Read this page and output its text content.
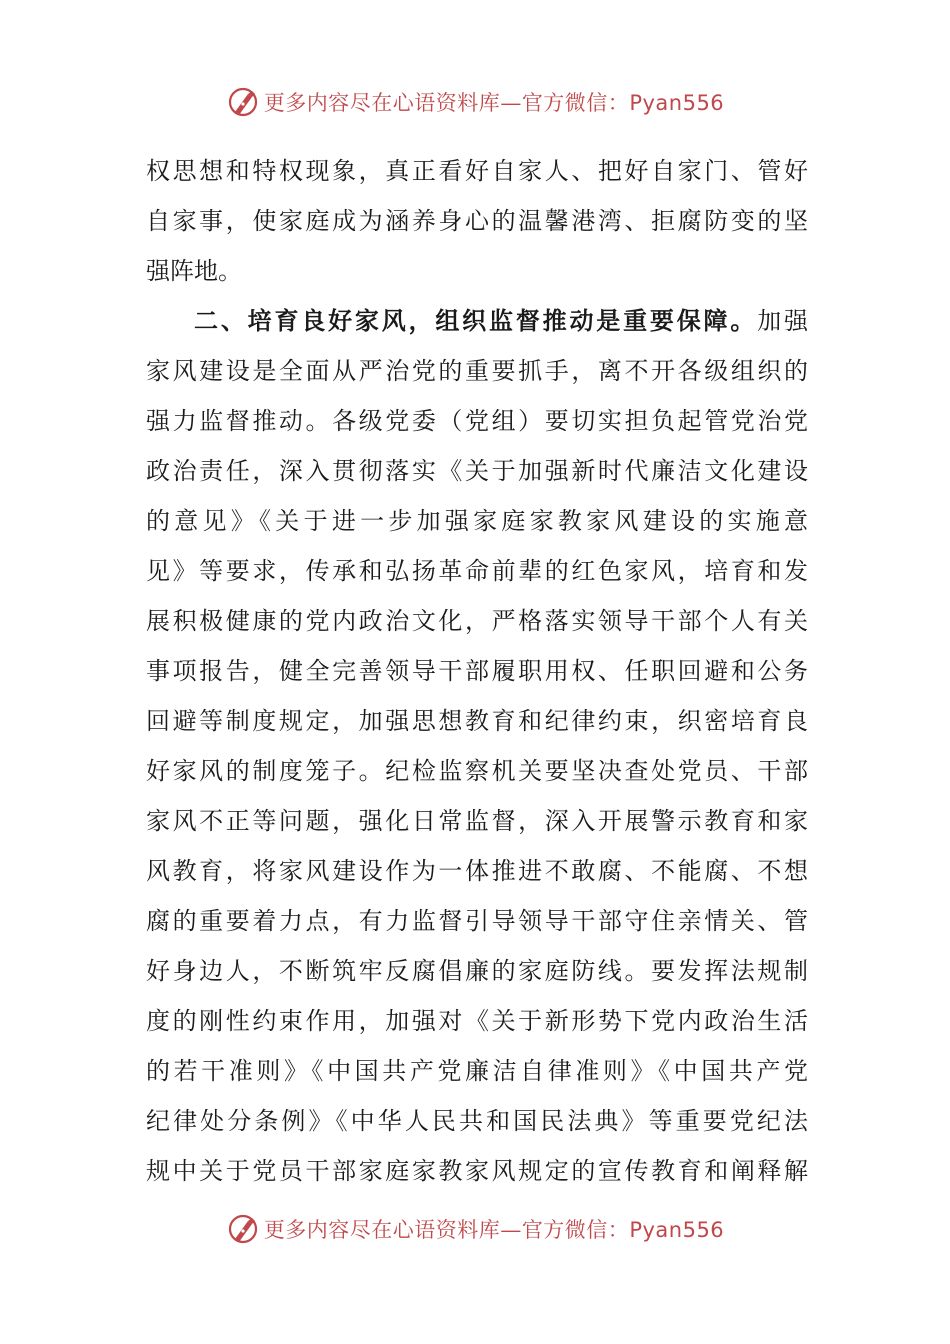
更多内容尽在心语资料库—官方微信：Pyan556
权思想和特权现象，真正看好自家人、把好自家门、管好
自家事，使家庭成为涵养身心的温馨港湾、拒腐防变的坚
强阵地。
二、培育良好家风，组织监督推动是重要保障。加强
家风建设是全面从严治党的重要抓手，离不开各级组织的
强力监督推动。各级党委（党组）要切实担负起管党治党
政治责任，深入贯彻落实《关于加强新时代廉洁文化建设
的意见》《关于进一步加强家庭家教家风建设的实施意
见》等要求，传承和弘扬革命前辈的红色家风，培育和发
展积极健康的党内政治文化，严格落实领导干部个人有关
事项报告，健全完善领导干部履职用权、任职回避和公务
回避等制度规定，加强思想教育和纪律约束，织密培育良
好家风的制度笼子。纪检监察机关要坚决查处党员、干部
家风不正等问题，强化日常监督，深入开展警示教育和家
风教育，将家风建设作为一体推进不敢腐、不能腐、不想
腐的重要着力点，有力监督引导领导干部守住亲情关、管
好身边人，不断筑牢反腐倡廉的家庭防线。要发挥法规制
度的刚性约束作用，加强对《关于新形势下党内政治生活
的若干准则》《中国共产党廉洁自律准则》《中国共产党
纪律处分条例》《中华人民共和国民法典》等重要党纪法
规中关于党员干部家庭家教家风规定的宣传教育和阐释解
更多内容尽在心语资料库—官方微信：Pyan556
